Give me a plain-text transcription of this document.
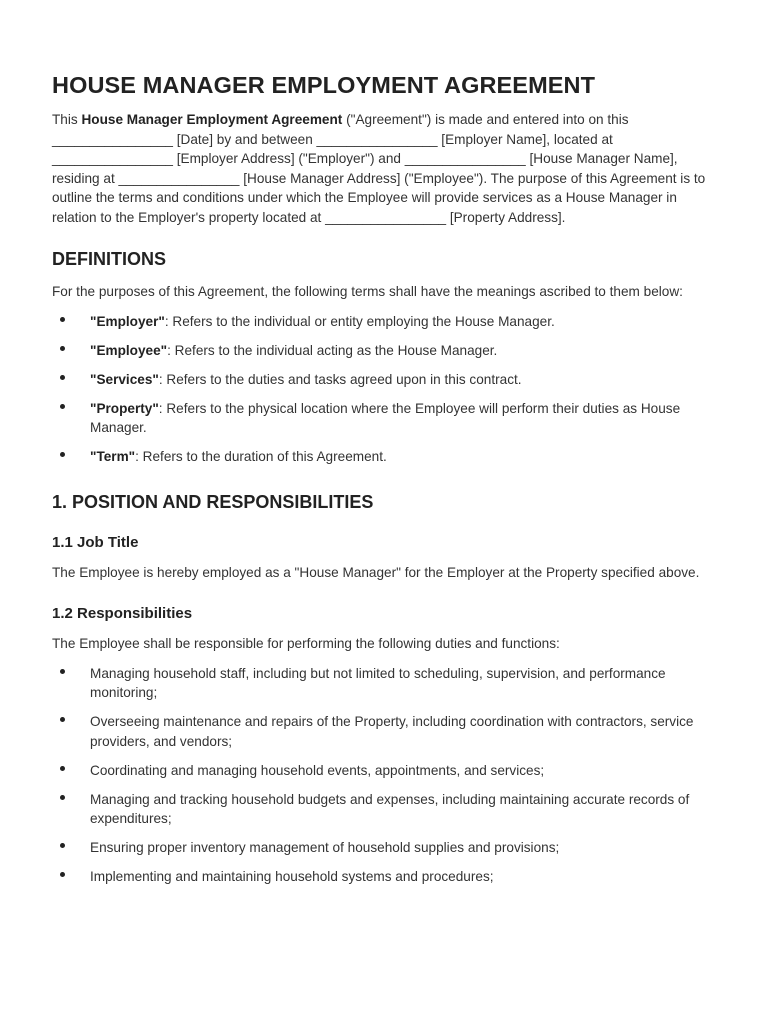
HOUSE MANAGER EMPLOYMENT AGREEMENT

This House Manager Employment Agreement ("Agreement") is made and entered into on this ________________ [Date] by and between ________________ [Employer Name], located at ________________ [Employer Address] ("Employer") and ________________ [House Manager Name], residing at ________________ [House Manager Address] ("Employee"). The purpose of this Agreement is to outline the terms and conditions under which the Employee will provide services as a House Manager in relation to the Employer's property located at ________________ [Property Address].

DEFINITIONS

For the purposes of this Agreement, the following terms shall have the meanings ascribed to them below:

"Employer": Refers to the individual or entity employing the House Manager.
"Employee": Refers to the individual acting as the House Manager.
"Services": Refers to the duties and tasks agreed upon in this contract.
"Property": Refers to the physical location where the Employee will perform their duties as House Manager.
"Term": Refers to the duration of this Agreement.
1. POSITION AND RESPONSIBILITIES
1.1 Job Title

The Employee is hereby employed as a "House Manager" for the Employer at the Property specified above.

1.2 Responsibilities

The Employee shall be responsible for performing the following duties and functions:

Managing household staff, including but not limited to scheduling, supervision, and performance monitoring;
Overseeing maintenance and repairs of the Property, including coordination with contractors, service providers, and vendors;
Coordinating and managing household events, appointments, and services;
Managing and tracking household budgets and expenses, including maintaining accurate records of expenditures;
Ensuring proper inventory management of household supplies and provisions;
Implementing and maintaining household systems and procedures;
